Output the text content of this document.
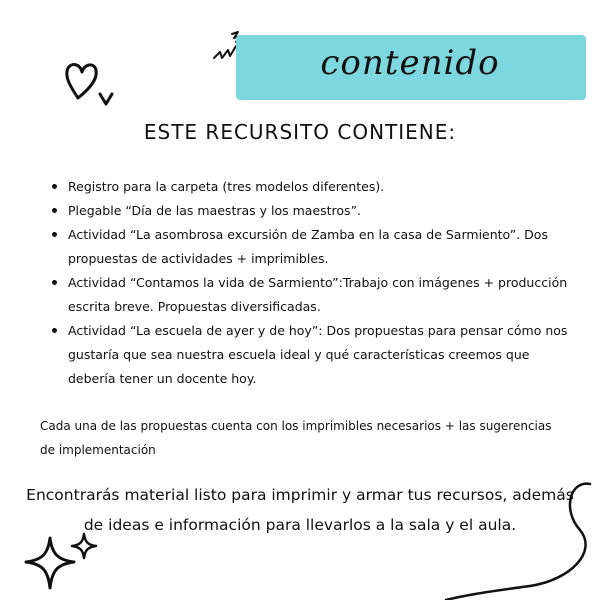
contenido
ESTE RECURSITO CONTIENE:
Registro para la carpeta (tres modelos diferentes).
Plegable “Día de las maestras y los maestros”.
Actividad “La asombrosa excursión de Zamba en la casa de Sarmiento”. Dos propuestas de actividades + imprimibles.
Actividad “Contamos la vida de Sarmiento”:Trabajo con imágenes + producción escrita breve. Propuestas diversificadas.
Actividad “La escuela de ayer y de hoy”: Dos propuestas para pensar cómo nos gustaría que sea nuestra escuela ideal y qué características creemos que debería tener un docente hoy.
Cada una de las propuestas cuenta con los imprimibles necesarios + las sugerencias de implementación
Encontrarás material listo para imprimir y armar tus recursos, además de ideas e información para llevarlos a la sala y el aula.
